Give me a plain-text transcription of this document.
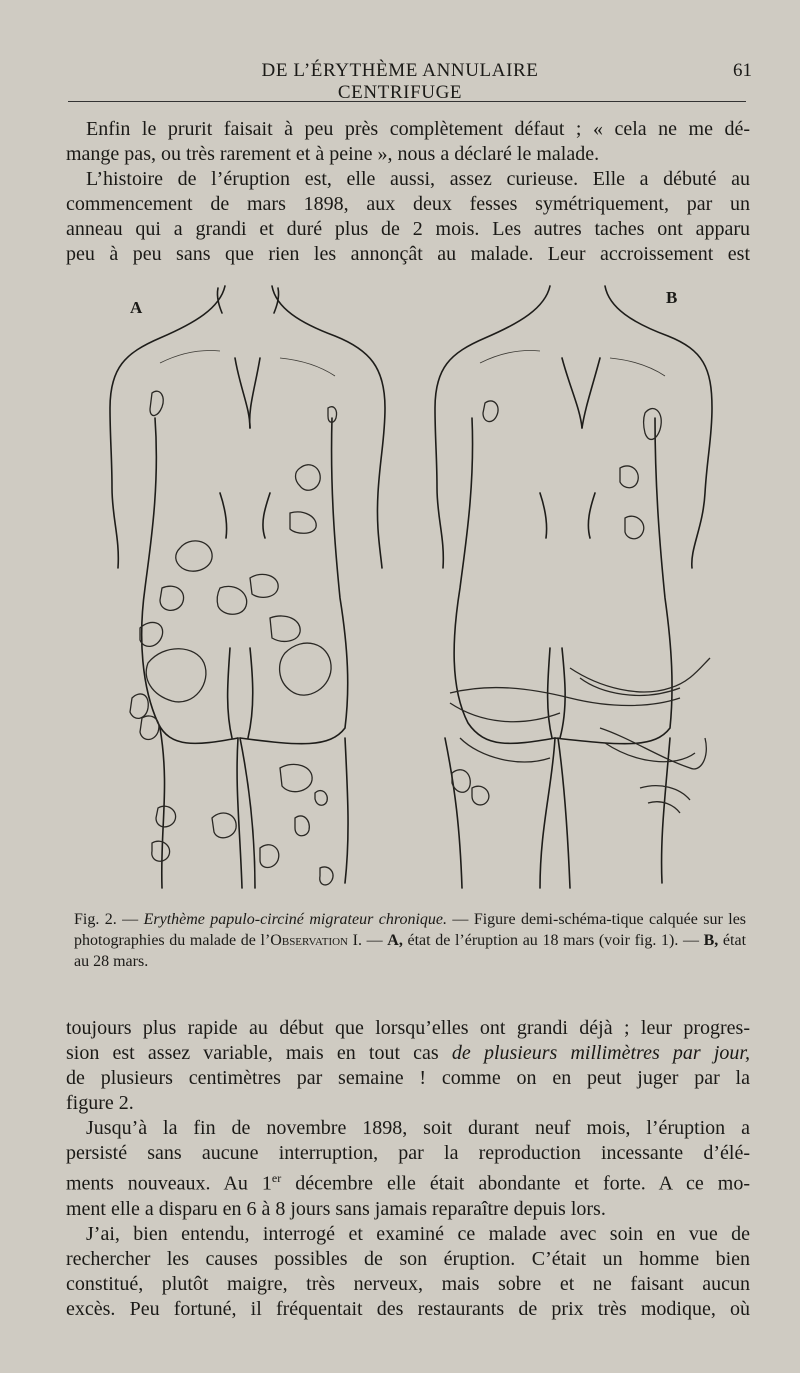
DE L’ÉRYTHÈME ANNULAIRE CENTRIFUGE
61

Enfin le prurit faisait à peu près complètement défaut ; « cela ne me dé-

mange pas, ou très rarement et à peine », nous a déclaré le malade.

L’histoire de l’éruption est, elle aussi, assez curieuse. Elle a débuté au

commencement de mars 1898, aux deux fesses symétriquement, par un

anneau qui a grandi et duré plus de 2 mois. Les autres taches ont apparu

peu à peu sans que rien les annonçât au malade. Leur accroissement est

A
B

Fig. 2. — Erythème papulo-circiné migrateur chronique. — Figure demi-schéma-tique calquée sur les photographies du malade de l’Observation I. — A, état de l’éruption au 18 mars (voir fig. 1). — B, état au 28 mars.

toujours plus rapide au début que lorsqu’elles ont grandi déjà ; leur progres-

sion est assez variable, mais en tout cas de plusieurs millimètres par jour,

de plusieurs centimètres par semaine ! comme on en peut juger par la

figure 2.

Jusqu’à la fin de novembre 1898, soit durant neuf mois, l’éruption a

persisté sans aucune interruption, par la reproduction incessante d’élé-

ments nouveaux. Au 1er décembre elle était abondante et forte. A ce mo-

ment elle a disparu en 6 à 8 jours sans jamais reparaître depuis lors.

J’ai, bien entendu, interrogé et examiné ce malade avec soin en vue de

rechercher les causes possibles de son éruption. C’était un homme bien

constitué, plutôt maigre, très nerveux, mais sobre et ne faisant aucun

excès. Peu fortuné, il fréquentait des restaurants de prix très modique, où
